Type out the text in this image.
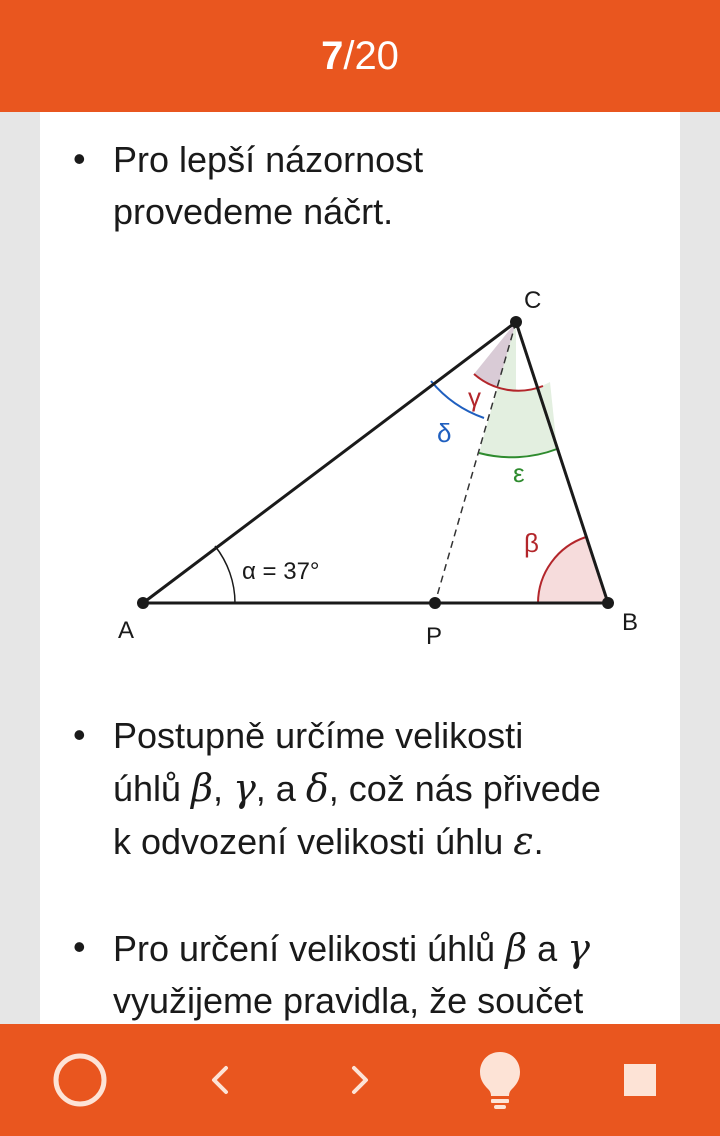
7 / 20
• Pro lepší názornost
provedeme náčrt.
A	B
C
P
α = 37°
β
γ
δ
ε
• Postupně určíme velikosti
úhlů β, γ, a δ, což nás přivede
k odvození velikosti úhlu ε.
• Pro určení velikosti úhlů β a γ
využijeme pravidla, že součet
